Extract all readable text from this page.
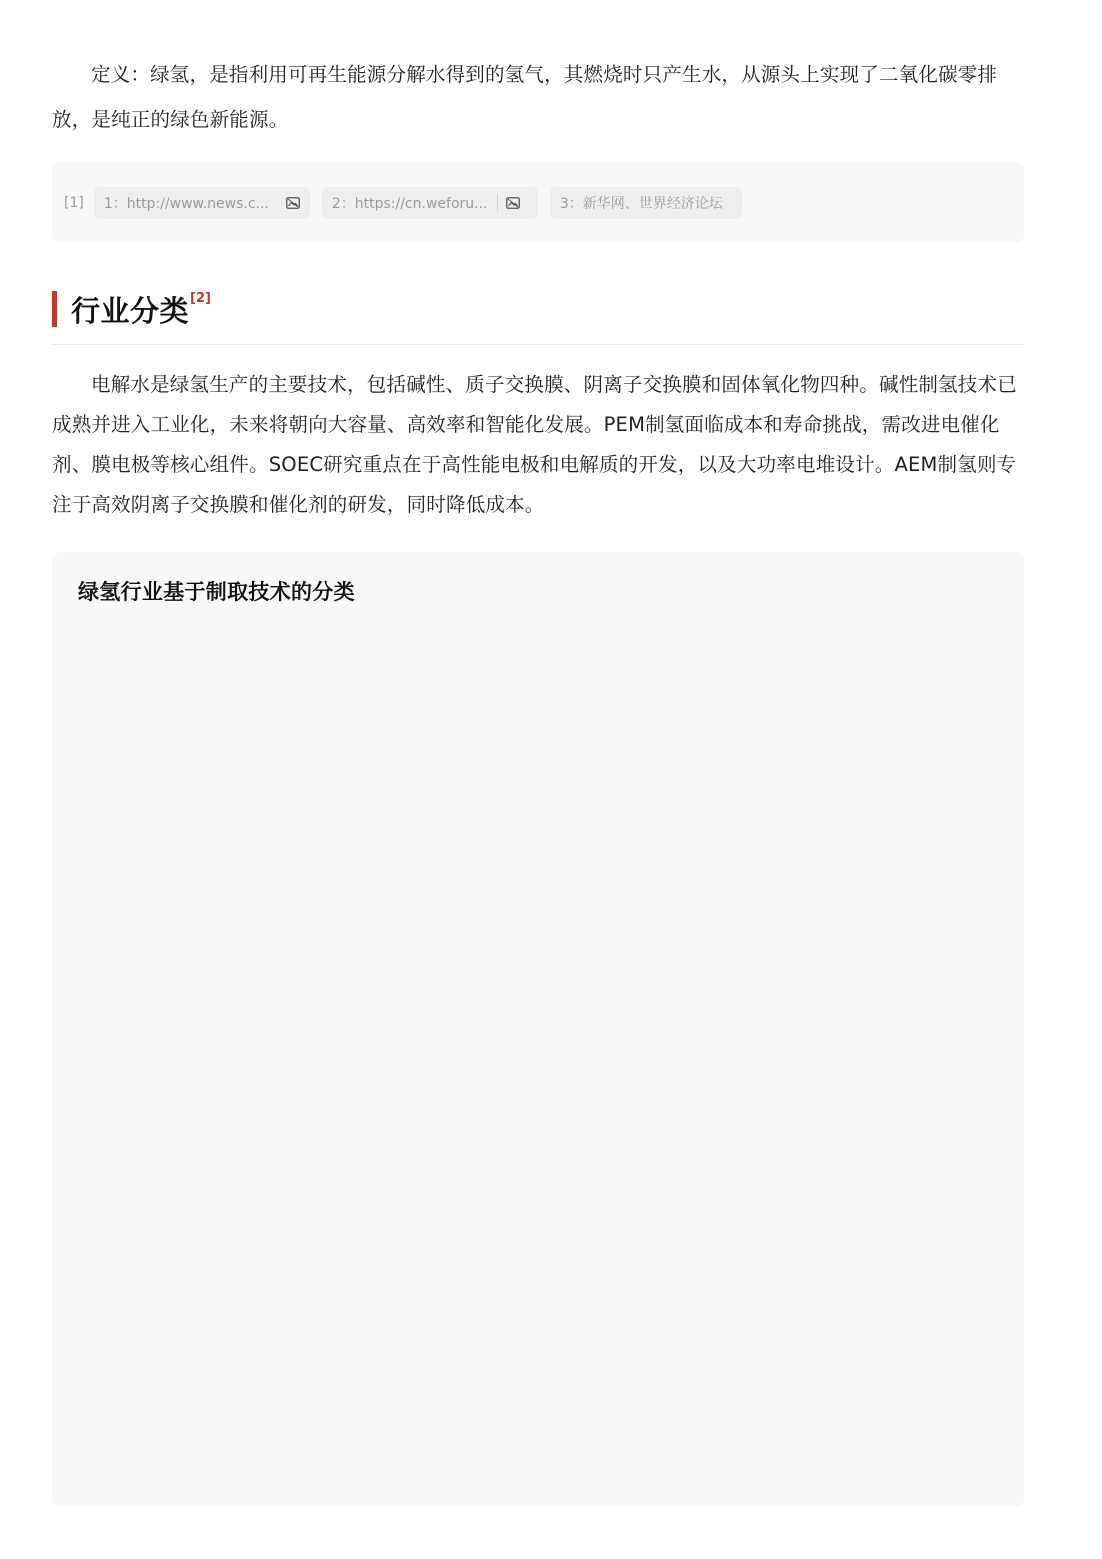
定义：绿氢，是指利用可再生能源分解水得到的氢气，其燃烧时只产生水，从源头上实现了二氧化碳零排放，是纯正的绿色新能源。

[1] 1：http://www.news.c...	2：https://cn.weforu...	3：新华网、世界经济论坛
行业分类 [2]

电解水是绿氢生产的主要技术，包括碱性、质子交换膜、阴离子交换膜和固体氧化物四种。碱性制氢技术已成熟并进入工业化，未来将朝向大容量、高效率和智能化发展。PEM制氢面临成本和寿命挑战，需改进电催化剂、膜电极等核心组件。SOEC研究重点在于高性能电极和电解质的开发，以及大功率电堆设计。AEM制氢则专注于高效阴离子交换膜和催化剂的研发，同时降低成本。

绿氢行业基于制取技术的分类
